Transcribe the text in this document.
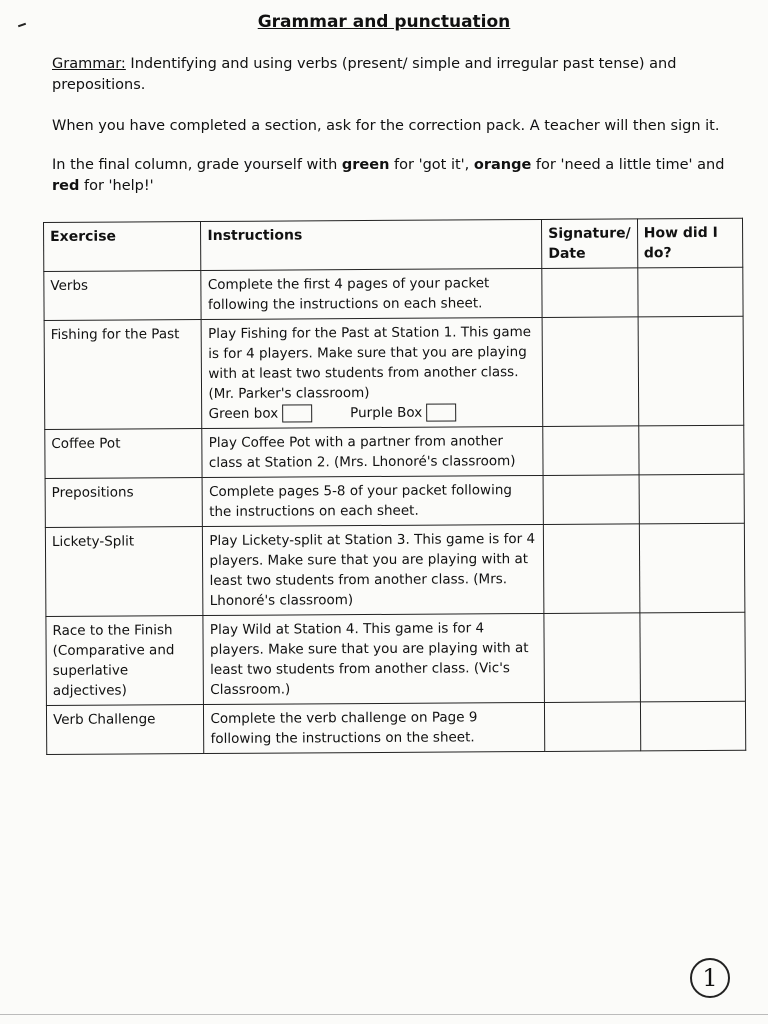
Grammar and punctuation
Grammar: Indentifying and using verbs (present/ simple and irregular past tense) and prepositions.
When you have completed a section, ask for the correction pack. A teacher will then sign it.
In the final column, grade yourself with green for 'got it', orange for 'need a little time' and red for 'help!'
Exercise	Instructions	Signature/ Date	How did I do?
Verbs	Complete the first 4 pages of your packet following the instructions on each sheet.		
Fishing for the Past	Play Fishing for the Past at Station 1. This game is for 4 players. Make sure that you are playing with at least two students from another class. (Mr. Parker's classroom)
Green box Purple Box		

Coffee Pot	Play Coffee Pot with a partner from another class at Station 2. (Mrs. Lhonoré's classroom)		
Prepositions	Complete pages 5-8 of your packet following the instructions on each sheet.		
Lickety-Split	Play Lickety-split at Station 3. This game is for 4 players. Make sure that you are playing with at least two students from another class. (Mrs. Lhonoré's classroom)		
Race to the Finish (Comparative and superlative adjectives)	Play Wild at Station 4. This game is for 4 players. Make sure that you are playing with at least two students from another class. (Vic's Classroom.)		
Verb Challenge	Complete the verb challenge on Page 9 following the instructions on the sheet.		
1
